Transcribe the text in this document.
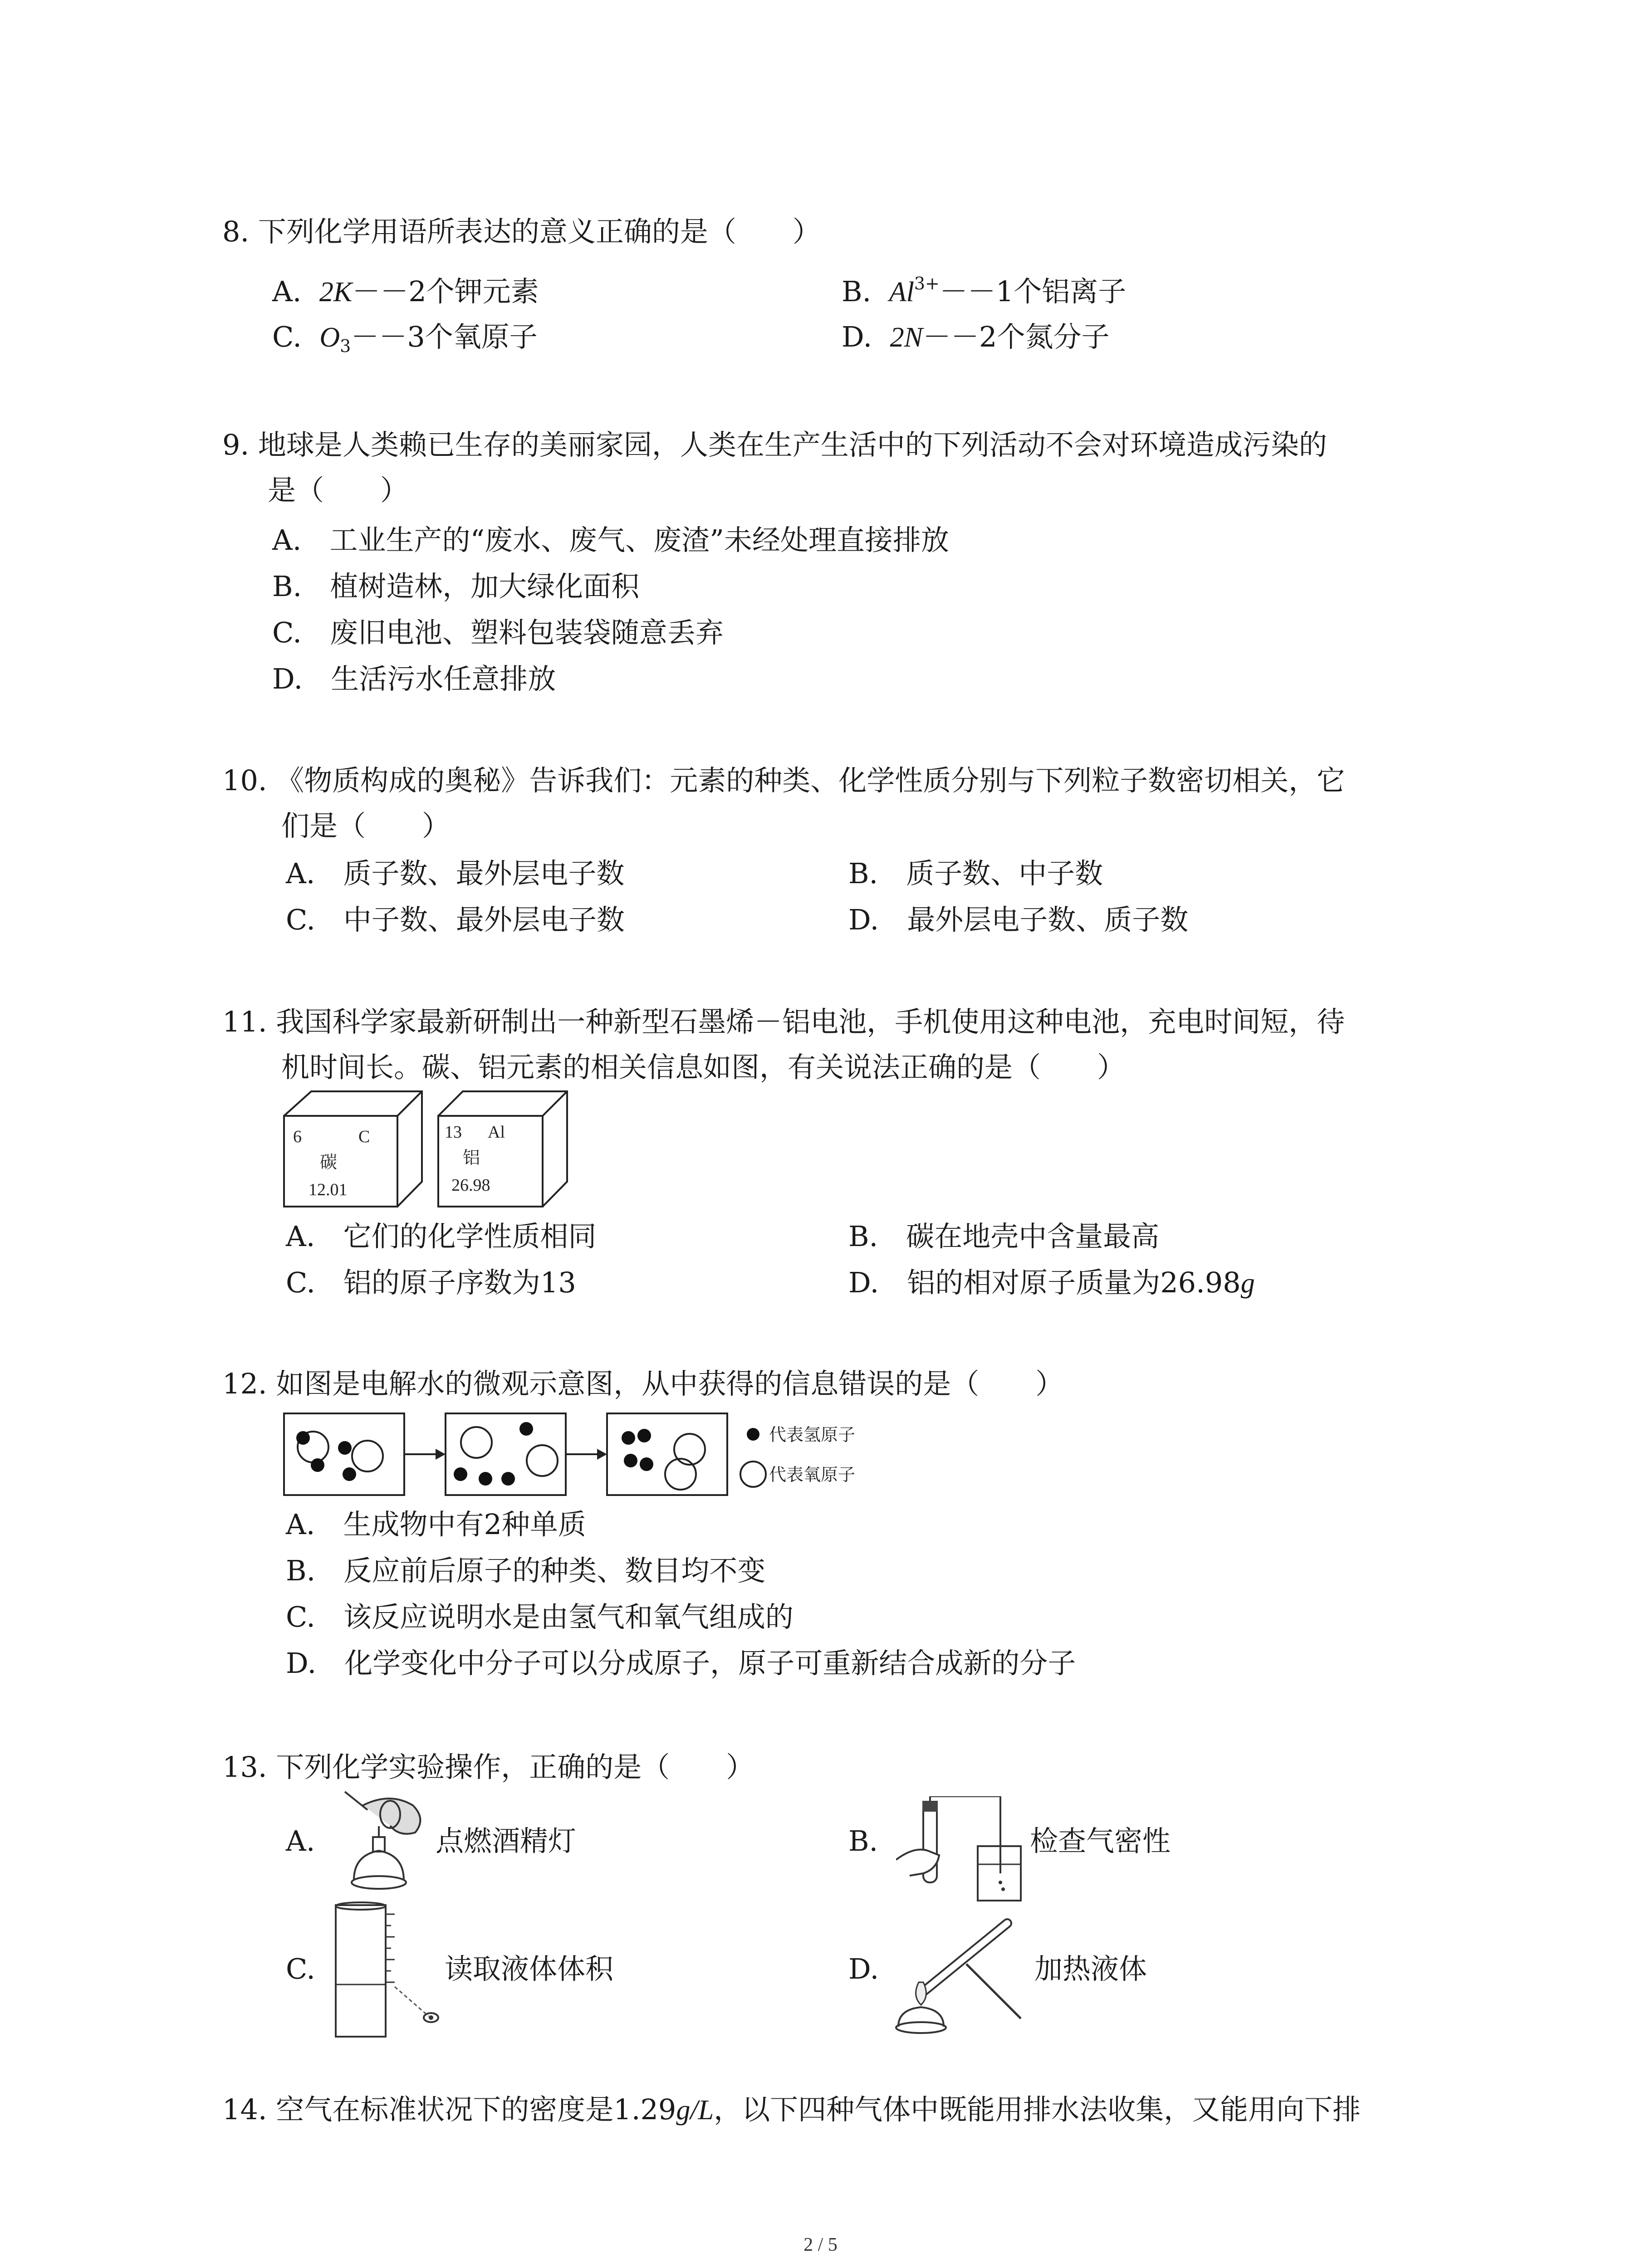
8. 下列化学用语所表达的意义正确的是（　　）
A. 2K－－2个钾元素	B. $Al^{3+}--1$个铝离子
C. $O_3--3$个氧原子	D. 2N－－2个氮分子
9. 地球是人类赖已生存的美丽家园，人类在生产生活中的下列活动不会对环境造成污染的
是（　　）
A.　工业生产的“废水、废气、废渣”未经处理直接排放
B.　植树造林，加大绿化面积
C.　废旧电池、塑料包装袋随意丢弃
D.　生活污水任意排放
10. 《物质构成的奥秘》告诉我们：元素的种类、化学性质分别与下列粒子数密切相关，它
们是（　　）
A.　质子数、最外层电子数	B.　质子数、中子数
C.　中子数、最外层电子数	D.　最外层电子数、质子数
11. 我国科学家最新研制出一种新型石墨烯－铝电池，手机使用这种电池，充电时间短，待
机时间长。碳、铝元素的相关信息如图，有关说法正确的是（　　）
6	C
碳
12.01
13 Al
铝
26.98
A.　它们的化学性质相同	B.　碳在地壳中含量最高
C.　铝的原子序数为13	D.　铝的相对原子质量为26.98g
12. 如图是电解水的微观示意图，从中获得的信息错误的是（　　）
代表氢原子
代表氧原子
A.　生成物中有2种单质
B.　反应前后原子的种类、数目均不变
C.　该反应说明水是由氢气和氧气组成的
D.　化学变化中分子可以分成原子，原子可重新结合成新的分子
13. 下列化学实验操作，正确的是（　　）
A.	点燃酒精灯	B.	检查气密性
C.	读取液体体积	D.	加热液体
14. 空气在标准状况下的密度是1.29g/L，以下四种气体中既能用排水法收集，又能用向下排
2 / 5
